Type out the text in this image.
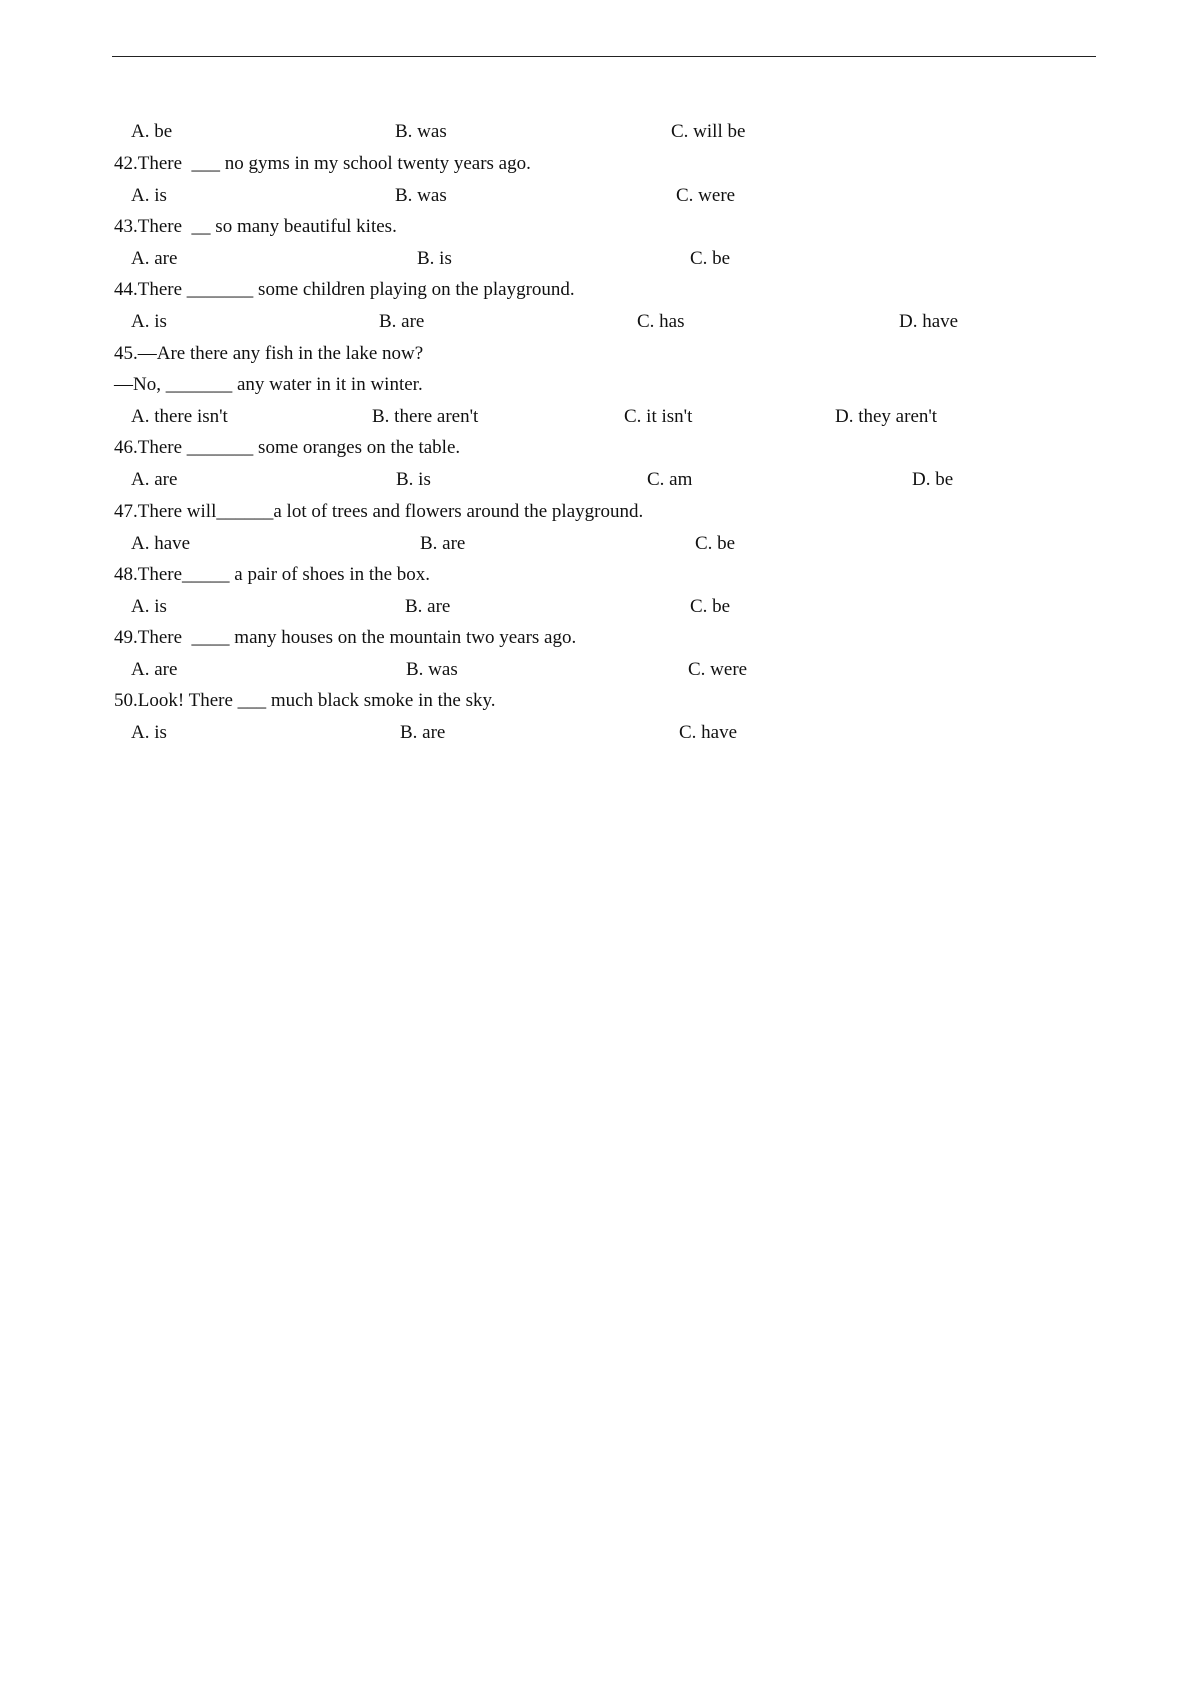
A. be	B. was	C. will be
42.There  ___ no gyms in my school twenty years ago.
A. is	B. was	C. were
43.There  __ so many beautiful kites.
A. are	B. is	C. be
44.There _______ some children playing on the playground.
A. is	B. are	C. has	D. have
45.—Are there any fish in the lake now?
—No, _______ any water in it in winter.
A. there isn't	B. there aren't	C. it isn't	D. they aren't
46.There _______ some oranges on the table.
A. are	B. is	C. am	D. be
47.There will______a lot of trees and flowers around the playground.
A. have	B. are	C. be
48.There_____ a pair of shoes in the box.
A. is	B. are	C. be
49.There  ____ many houses on the mountain two years ago.
A. are	B. was	C. were
50.Look! There ___ much black smoke in the sky.
A. is	B. are	C. have
